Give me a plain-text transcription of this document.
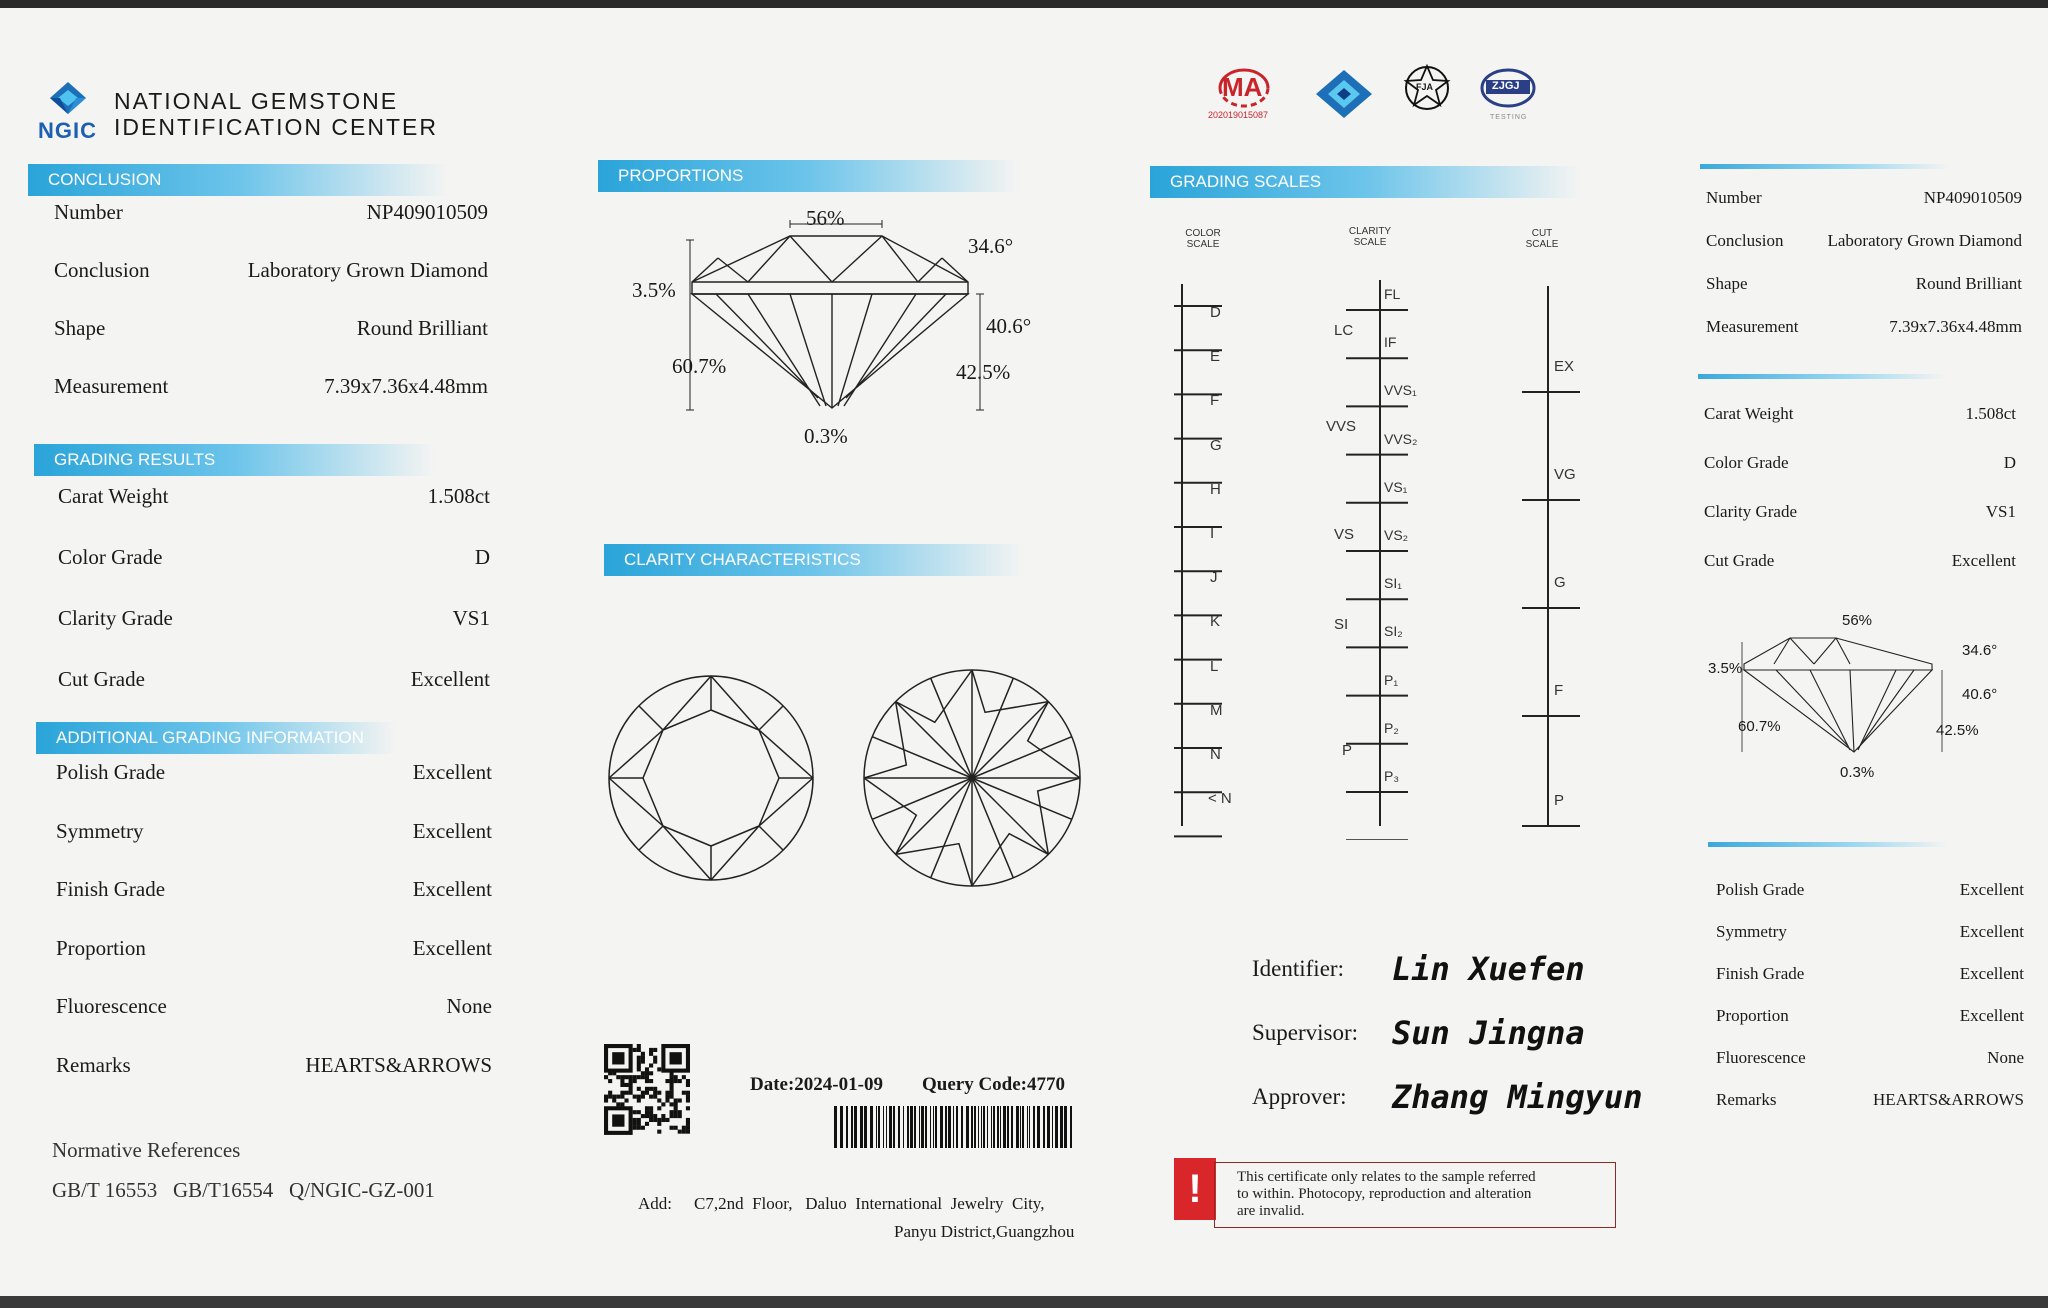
NGIC
NATIONAL GEMSTONE
IDENTIFICATION CENTER
CONCLUSION
Number	NP409010509
Conclusion	Laboratory Grown Diamond
Shape	Round Brilliant
Measurement	7.39x7.36x4.48mm
GRADING RESULTS
Carat Weight	1.508ct
Color Grade	D
Clarity Grade	VS1
Cut Grade	Excellent
ADDITIONAL GRADING INFORMATION
Polish Grade	Excellent
Symmetry	Excellent
Finish Grade	Excellent
Proportion	Excellent
Fluorescence	None
Remarks	HEARTS&ARROWS
Normative References
GB/T 16553   GB/T16554   Q/NGIC-GZ-001
PROPORTIONS
56%
34.6°
3.5%
40.6°
60.7%	42.5%
0.3%
CLARITY CHARACTERISTICS
Date:2024-01-09 Query Code:4770
Add: C7,2nd  Floor,   Daluo  International  Jewelry  City,
Panyu District,Guangzhou
MA
202019015087
FJA	ZJGJ
TESTING
GRADING SCALES
COLOR
SCALE
CLARITY
SCALE
CUT
SCALE
D
E
F
G
H
I
J
K
L
M
N
< N
FL
IF
VVS₁
VVS₂
VS₁
VS₂
SI₁
SI₂
P₁
P₂
P₃
LC
VVS
VS
SI
P
EX
VG
G
F
P
Identifier: Lin Xuefen
Supervisor: Sun Jingna
Approver: Zhang Mingyun
!	This certificate only relates to the sample referred
to within. Photocopy, reproduction and alteration
are invalid.
Number	NP409010509
Conclusion	Laboratory Grown Diamond
Shape	Round Brilliant
Measurement	7.39x7.36x4.48mm
Carat Weight	1.508ct
Color Grade	D
Clarity Grade	VS1
Cut Grade	Excellent
56%
34.6°
3.5%
40.6°
60.7%	42.5%
0.3%
Polish Grade	Excellent
Symmetry	Excellent
Finish Grade	Excellent
Proportion	Excellent
Fluorescence	None
Remarks	HEARTS&ARROWS
